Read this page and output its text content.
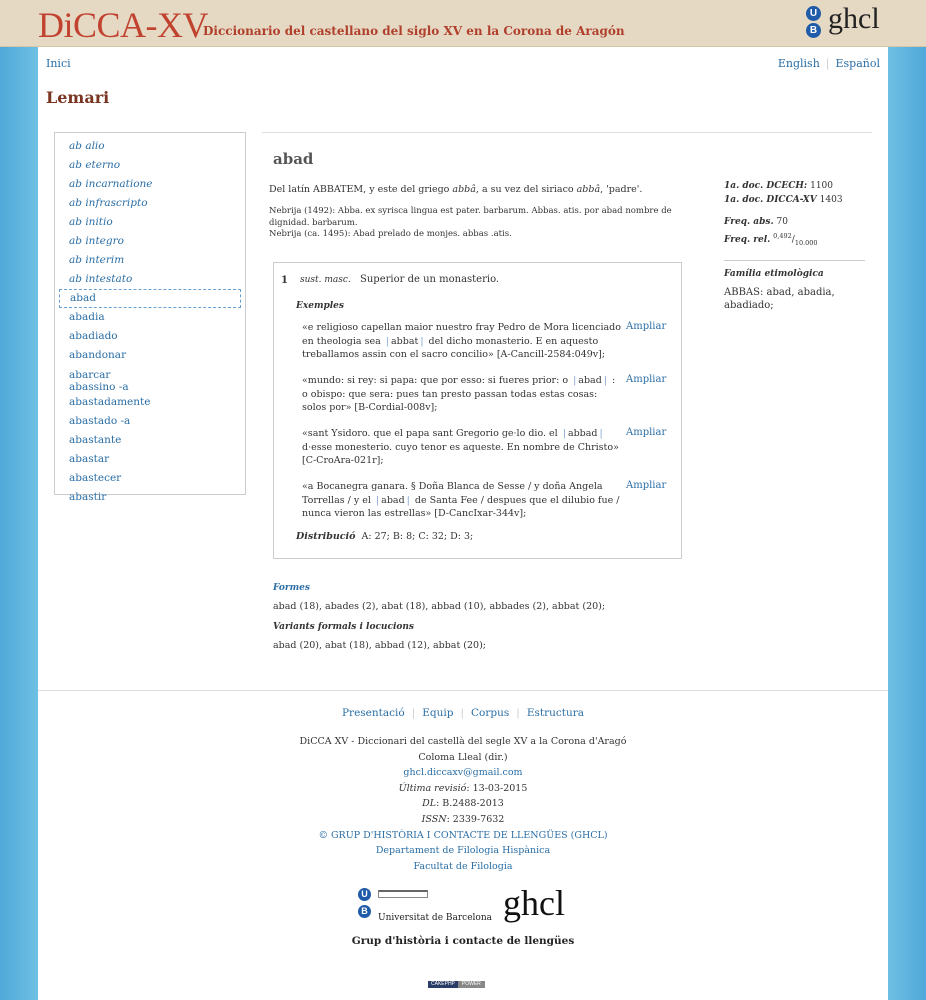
DiCCA-XV
Diccionario del castellano del siglo XV en la Corona de Aragón
U
B ghcl
Inici	English | Español
Lemari
ab alio
ab eterno
ab incarnatione
ab infrascripto
ab initio
ab integro
ab interim
ab intestato
abad
abadia
abadiado
abandonar
abarcar
abassino -a
abastadamente
abastado -a
abastante
abastar
abastecer
abastir
abad

Del latín ABBATEM, y este del griego abbâ, a su vez del siriaco abbâ, 'padre'.

Nebrija (1492): Abba. ex syrisca lingua est pater. barbarum. Abbas. atis. por abad nombre de dignidad. barbarum.
Nebrija (ca. 1495): Abad prelado de monjes. abbas .atis.
1 sust. masc. Superior de un monasterio.
Exemples
«e religioso capellan maior nuestro fray Pedro de Mora licenciado en theologia sea | abbat | del dicho monasterio. E en aquesto treballamos assin con el sacro concilio» [A-Cancill-2584:049v];
Ampliar
«mundo: si rey: si papa: que por esso: si fueres prior: o | abad | : o obispo: que sera: pues tan presto passan todas estas cosas: solos por» [B-Cordial-008v];
Ampliar
«sant Ysidoro. que el papa sant Gregorio ge·lo dio. el | abbad | d·esse monesterio. cuyo tenor es aqueste. En nombre de Christo» [C-CroAra-021r];
Ampliar
«a Bocanegra ganara. § Doña Blanca de Sesse / y doña Angela Torrellas / y el | abad | de Santa Fee / despues que el dilubio fue / nunca vieron las estrellas» [D-CancIxar-344v];
Ampliar
Distribució A: 27; B: 8; C: 32; D: 3;
1a. doc. DCECH: 1100
1a. doc. DICCA-XV 1403
Freq. abs. 70
Freq. rel. $^{0,492}/_{10.000}$
Família etimològica
ABBAS: abad, abadia, abadiado;
Formes
abad (18), abades (2), abat (18), abbad (10), abbades (2), abbat (20);
Variants formals i locucions
abad (20), abat (18), abbad (12), abbat (20);
Presentació | Equip | Corpus | Estructura
DiCCA XV - Diccionari del castellà del segle XV a la Corona d'Aragó
Coloma Lleal (dir.)
ghcl.diccaxv@gmail.com
Última revisió: 13-03-2015
DL: B.2488-2013
ISSN: 2339-7632
© GRUP D'HISTÒRIA I CONTACTE DE LLENGÜES (GHCL)
Departament de Filologia Hispànica
Facultat de Filologia
U
B
Universitat de Barcelona ghcl
Grup d'història i contacte de llengües
CAKEPHP	POWER
